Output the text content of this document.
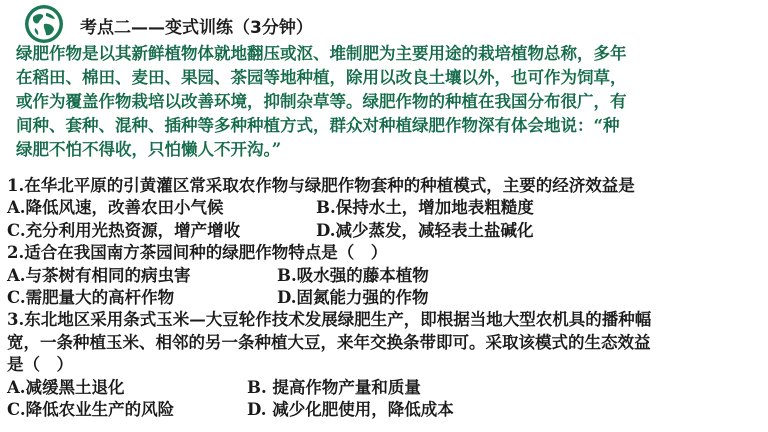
考点二——变式训练（3分钟）
绿肥作物是以其新鲜植物体就地翻压或沤、堆制肥为主要用途的栽培植物总称，多年
在稻田、棉田、麦田、果园、茶园等地种植，除用以改良土壤以外，也可作为饲草，
或作为覆盖作物栽培以改善环境，抑制杂草等。绿肥作物的种植在我国分布很广，有
间种、套种、混种、插种等多种种植方式，群众对种植绿肥作物深有体会地说：“种
绿肥不怕不得收，只怕懒人不开沟。”
1.在华北平原的引黄灌区常采取农作物与绿肥作物套种的种植模式，主要的经济效益是
A.降低风速，改善农田小气候	B.保持水土，增加地表粗糙度
C.充分利用光热资源，增产增收	D.减少蒸发，减轻表土盐碱化
2.适合在我国南方茶园间种的绿肥作物特点是（　）
A.与茶树有相同的病虫害	B.吸水强的藤本植物
C.需肥量大的高杆作物	D.固氮能力强的作物
3.东北地区采用条式玉米—大豆轮作技术发展绿肥生产，即根据当地大型农机具的播种幅
宽，一条种植玉米、相邻的另一条种植大豆，来年交换条带即可。采取该模式的生态效益
是（　）
A.减缓黑土退化	B. 提高作物产量和质量
C.降低农业生产的风险	D. 减少化肥使用，降低成本
